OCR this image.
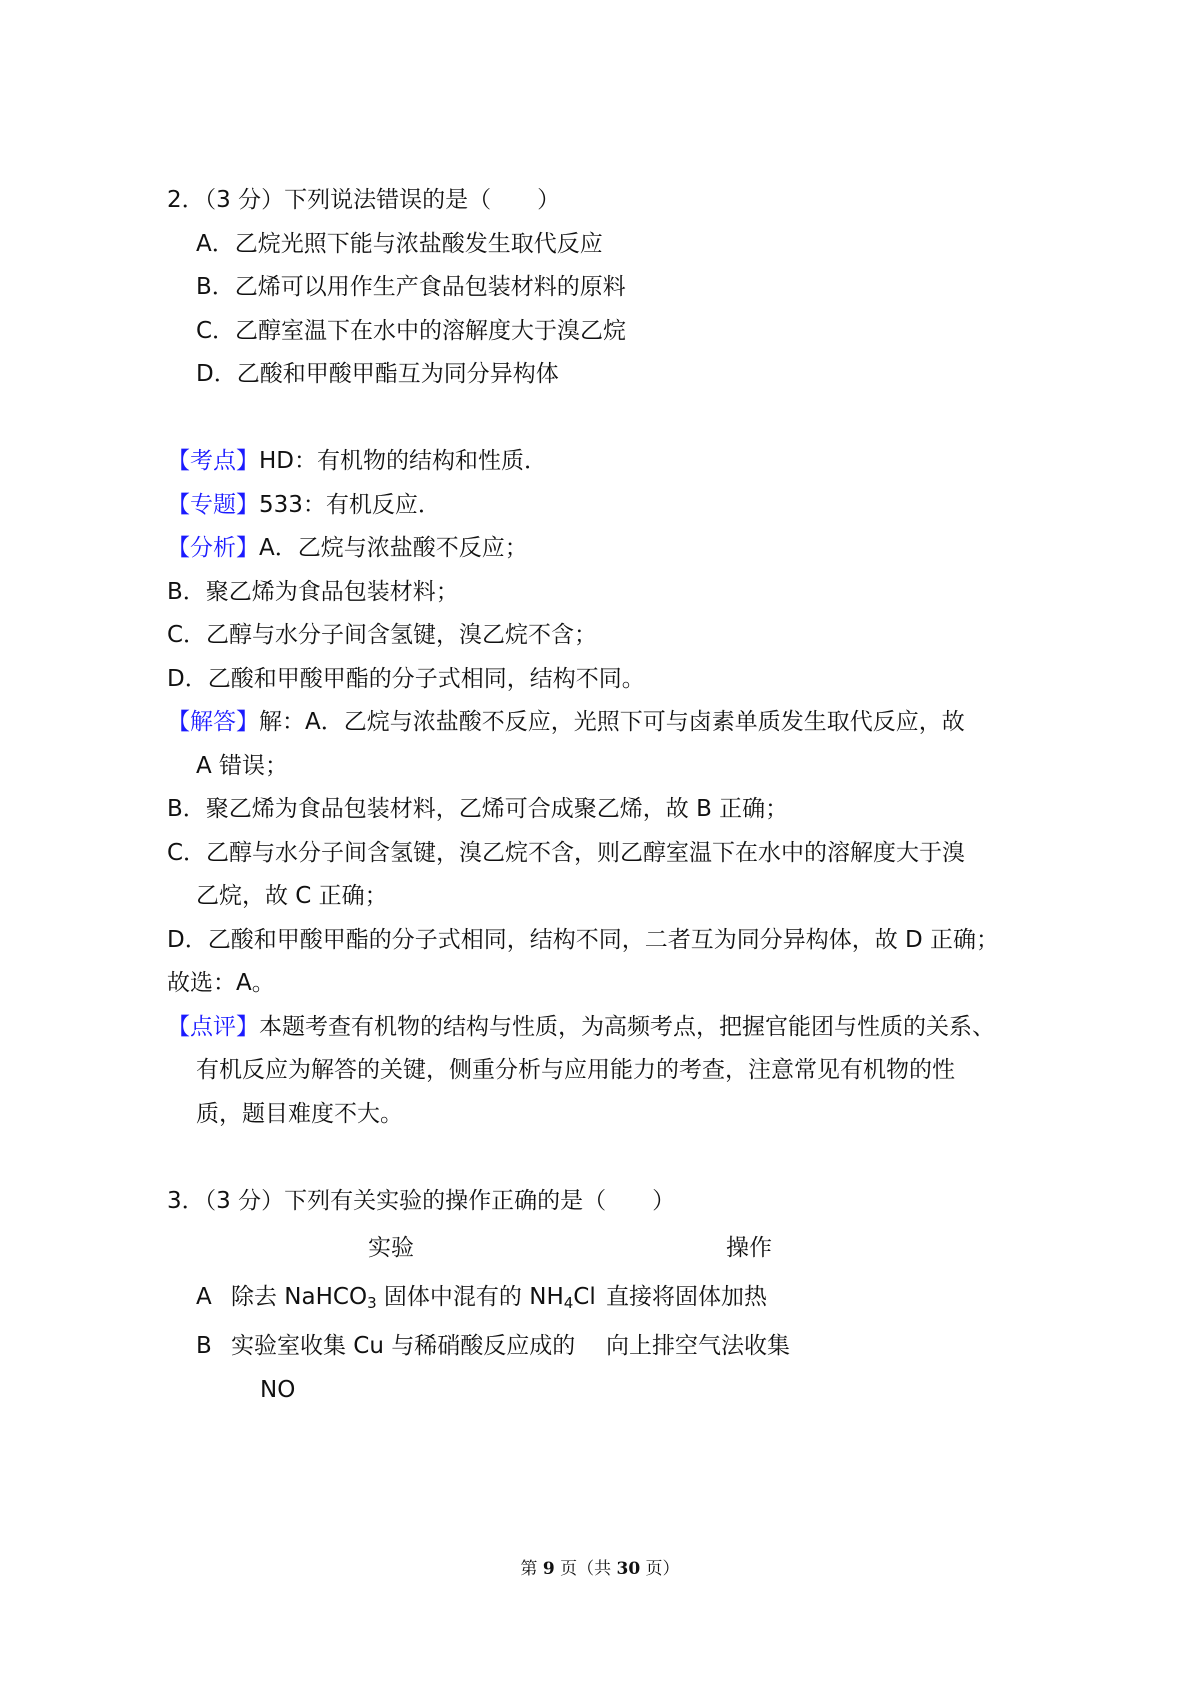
2．（3 分）下列说法错误的是（　　）
A．乙烷光照下能与浓盐酸发生取代反应
B．乙烯可以用作生产食品包装材料的原料
C．乙醇室温下在水中的溶解度大于溴乙烷
D．乙酸和甲酸甲酯互为同分异构体
【考点】HD：有机物的结构和性质．
【专题】533：有机反应．
【分析】A．乙烷与浓盐酸不反应；
B．聚乙烯为食品包装材料；
C．乙醇与水分子间含氢键，溴乙烷不含；
D．乙酸和甲酸甲酯的分子式相同，结构不同。
【解答】解：A．乙烷与浓盐酸不反应，光照下可与卤素单质发生取代反应，故
A 错误；
B．聚乙烯为食品包装材料，乙烯可合成聚乙烯，故 B 正确；
C．乙醇与水分子间含氢键，溴乙烷不含，则乙醇室温下在水中的溶解度大于溴
乙烷，故 C 正确；
D．乙酸和甲酸甲酯的分子式相同，结构不同，二者互为同分异构体，故 D 正确；
故选：A。
【点评】本题考查有机物的结构与性质，为高频考点，把握官能团与性质的关系、
有机反应为解答的关键，侧重分析与应用能力的考查，注意常见有机物的性
质，题目难度不大。
3．（3 分）下列有关实验的操作正确的是（　　）
实验	操作
A 除去 NaHCO$_3$ 固体中混有的 $NH_4Cl$ 直接将固体加热
B 实验室收集 Cu 与稀硝酸反应成的 向上排空气法收集
NO
第 9 页（共 30 页）
